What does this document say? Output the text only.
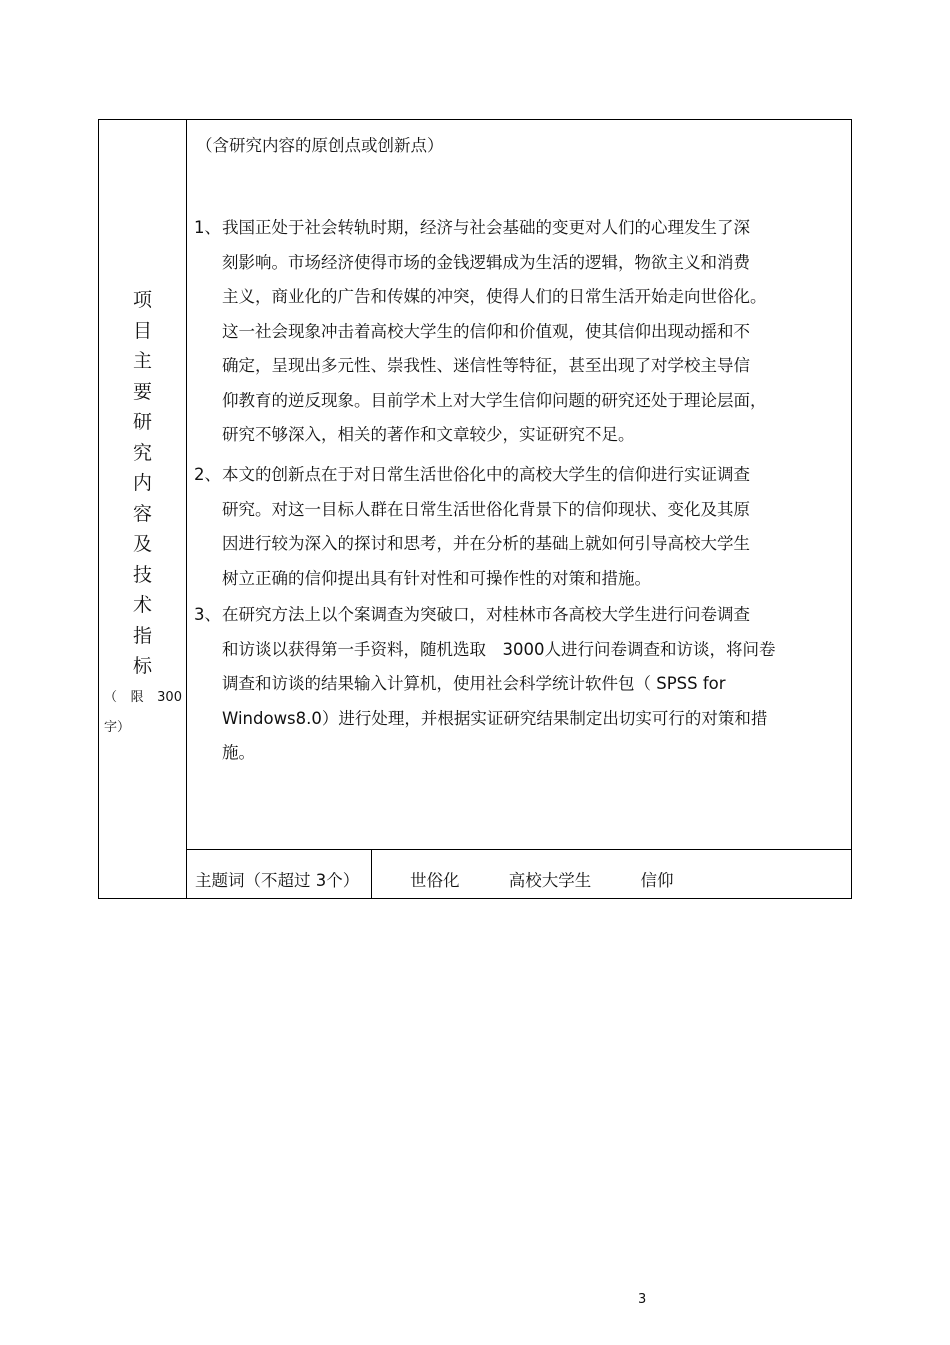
项
目
主
要
研
究
内
容
及
技
术
指
标
（ 限 300
字）
（含研究内容的原创点或创新点）
1、 我国正处于社会转轨时期，经济与社会基础的变更对人们的心理发生了深
刻影响。市场经济使得市场的金钱逻辑成为生活的逻辑，物欲主义和消费
主义，商业化的广告和传媒的冲突，使得人们的日常生活开始走向世俗化。
这一社会现象冲击着高校大学生的信仰和价值观，使其信仰出现动摇和不
确定，呈现出多元性、崇我性、迷信性等特征，甚至出现了对学校主导信
仰教育的逆反现象。目前学术上对大学生信仰问题的研究还处于理论层面，
研究不够深入，相关的著作和文章较少，实证研究不足。
2、 本文的创新点在于对日常生活世俗化中的高校大学生的信仰进行实证调查
研究。对这一目标人群在日常生活世俗化背景下的信仰现状、变化及其原
因进行较为深入的探讨和思考，并在分析的基础上就如何引导高校大学生
树立正确的信仰提出具有针对性和可操作性的对策和措施。
3、 在研究方法上以个案调查为突破口，对桂林市各高校大学生进行问卷调查
和访谈以获得第一手资料，随机选取　3000人进行问卷调查和访谈，将问卷
调查和访谈的结果输入计算机，使用社会科学统计软件包（ SPSS for
Windows8.0）进行处理，并根据实证研究结果制定出切实可行的对策和措
施。
主题词（不超过 3个）	世俗化	高校大学生	信仰
3
